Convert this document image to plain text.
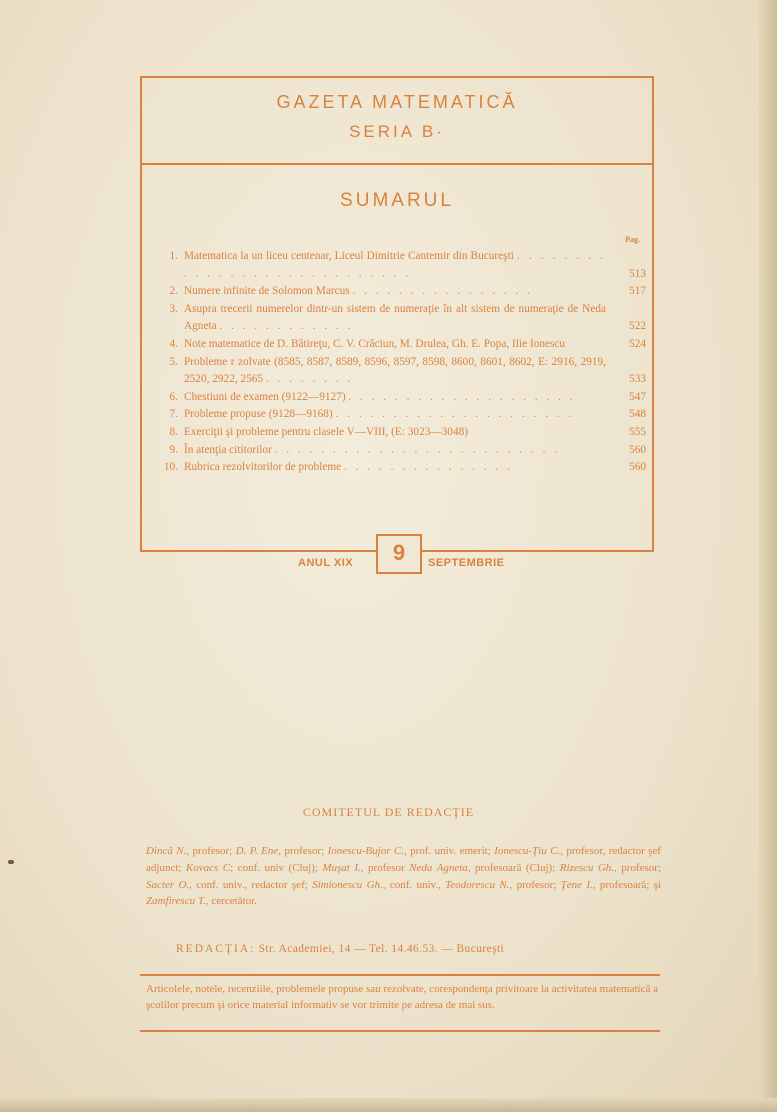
GAZETA MATEMATICĂ
SERIA B·
SUMARUL
Pag.
1. Matematica la un liceu centenar, Liceul Dimitrie Cantemir din Bucureşti . . . . . . . . . . . . . . . . . . . . . . . . . . . .	513
2. Numere infinite de Solomon Marcus . . . . . . . . . . . . . . . .	517
3. Asupra trecerii numerelor dintr-un sistem de numeraţie în alt sistem de numeraţie de Neda Agneta . . . . . . . . . . . .	522
4. Note matematice de D. Bătireţu, C. V. Crăciun, M. Drulea, Gh. E. Popa, Ilie Ionescu	524
5. Probleme r zolvate (8585, 8587, 8589, 8596, 8597, 8598, 8600, 8601, 8602, E: 2916, 2919, 2520, 2922, 2565 . . . . . . . .	533
6. Chestiuni de examen (9122—9127) . . . . . . . . . . . . . . . . . . . .	547
7. Probleme propuse (9128—9168) . . . . . . . . . . . . . . . . . . . . .	548
8. Exerciţii şi probleme pentru clasele V—VIII, (E: 3023—3048)	555
9. În atenţia cititorilor . . . . . . . . . . . . . . . . . . . . . . . . .	560
10. Rubrica rezolvitorilor de probleme . . . . . . . . . . . . . . .	560
ANUL XIX	9	SEPTEMBRIE
COMITETUL DE REDACŢIE
Dincă N., profesor; D. P. Ene, profesor; Ionescu-Bujor C., prof. univ. emerit; Ionescu-Ţiu C., profesor, redactor şef adjunct; Kovacs C; conf. univ (Cluj); Muşat I., profesor Neda Agneta, profesoară (Cluj); Rizescu Gh., profesor; Sacter O., conf. univ., redactor şef; Simionescu Gh., conf. univ., Teodorescu N., profesor; Ţene I., profesoară; şi Zamfirescu T., cercetător.
REDACŢIA: Str. Academiei, 14 — Tel. 14.46.53. — Bucureşti
Articolele, notele, recenziile, problemele propuse sau rezolvate, corespondenţa privitoare la activitatea matematică a şcolilor precum şi orice material informativ se vor trimite pe adresa de mai sus.
